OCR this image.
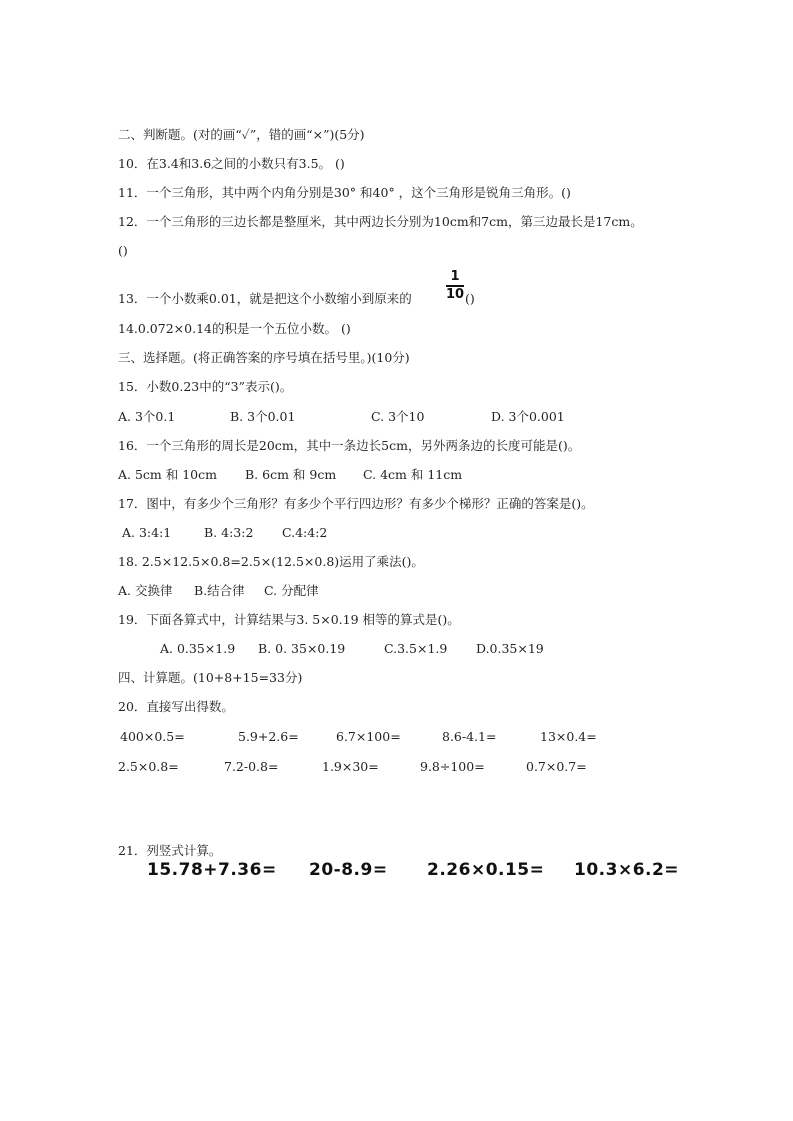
二、判断题。(对的画“✓”，错的画“×”)(5分)
10．在3.4和3.6之间的小数只有3.5。 ()
11．一个三角形，其中两个内角分别是30° 和40° ，这个三角形是锐角三角形。()
12．一个三角形的三边长都是整厘米，其中两边长分别为10cm和7cm，第三边最长是17cm。
()
13．一个小数乘0.01，就是把这个小数缩小到原来的
1
10 ()
14.0.072×0.14的积是一个五位小数。 ()
三、选择题。(将正确答案的序号填在括号里。)(10分)
15．小数0.23中的“3”表示()。
A. 3个0.1	B. 3个0.01	C. 3个10	D. 3个0.001
16．一个三角形的周长是20cm，其中一条边长5cm，另外两条边的长度可能是()。
A. 5cm 和 10cm B. 6cm 和 9cm C. 4cm 和 11cm
17．图中，有多少个三角形？有多少个平行四边形？有多少个梯形？正确的答案是()。
A. 3:4:1	B. 4:3:2 C.4:4:2
18. 2.5×12.5×0.8=2.5×(12.5×0.8)运用了乘法()。
A. 交换律 B.结合律 C. 分配律
19．下面各算式中，计算结果与3. 5×0.19 相等的算式是()。
A. 0.35×1.9 B. 0. 35×0.19	C.3.5×1.9 D.0.35×19
四、计算题。(10+8+15=33分)
20．直接写出得数。
400×0.5=	5.9+2.6=	6.7×100=	8.6-4.1=	13×0.4=
2.5×0.8=	7.2-0.8=	1.9×30=	9.8÷100=	0.7×0.7=
21．列竖式计算。
15.78+7.36= 20-8.9= 2.26×0.15= 10.3×6.2=
